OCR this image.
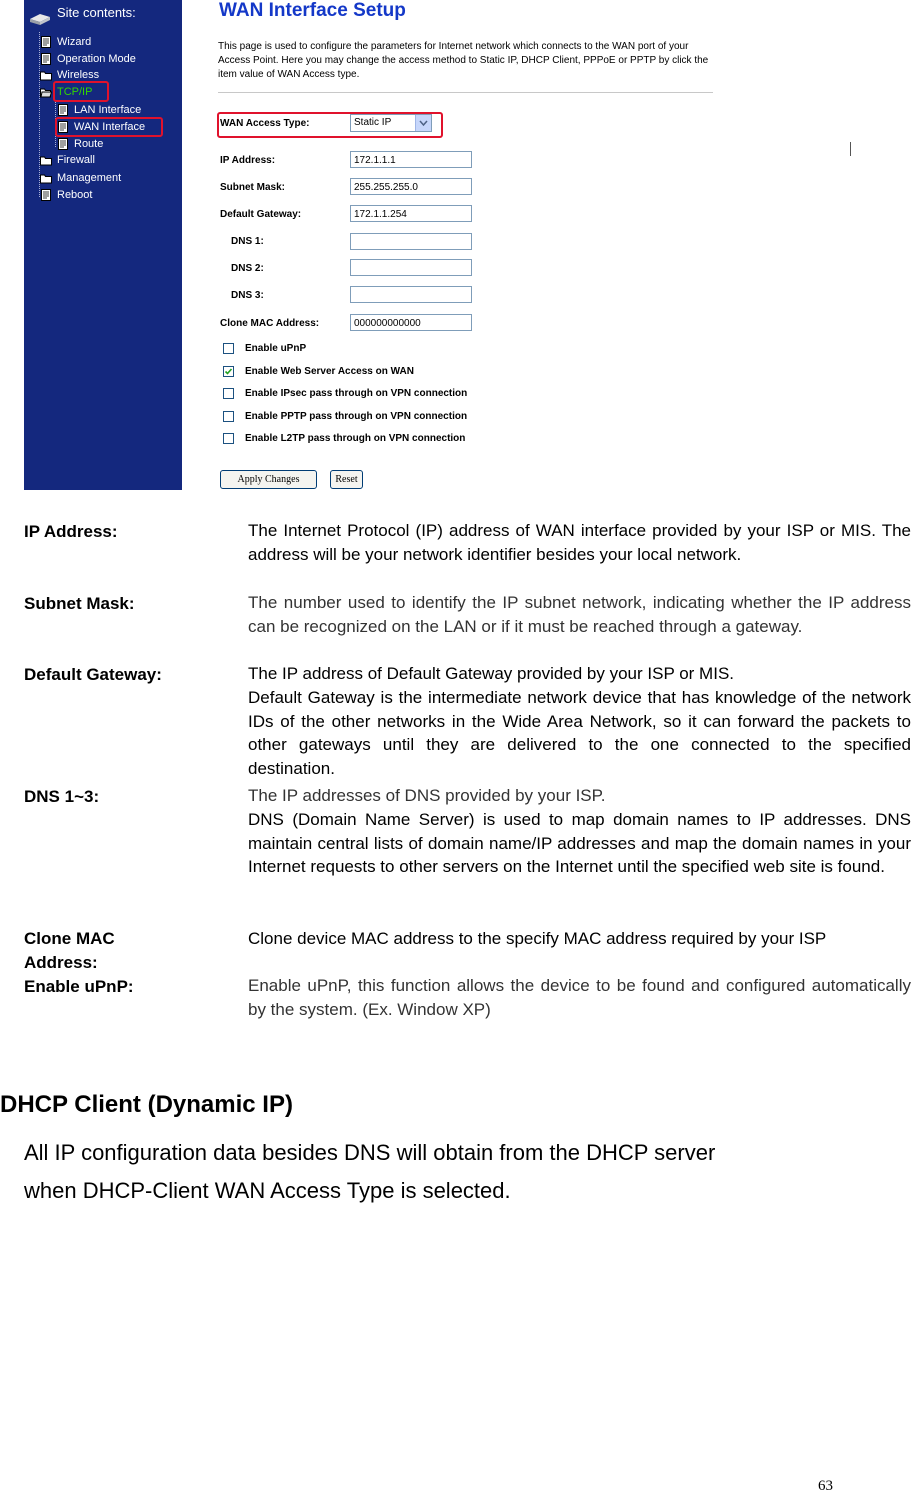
Site contents:
Wizard
Operation Mode
Wireless
TCP/IP
LAN Interface
WAN Interface
Route
Firewall
Management
Reboot
WAN Interface Setup
This page is used to configure the parameters for Internet network which connects to the WAN port of your Access Point. Here you may change the access method to Static IP, DHCP Client, PPPoE or PPTP by click the item value of WAN Access type.
WAN Access Type:	Static IP
IP Address:	172.1.1.1
Subnet Mask:	255.255.255.0
Default Gateway:	172.1.1.254
DNS 1:
DNS 2:
DNS 3:
Clone MAC Address:	000000000000
Enable uPnP
Enable Web Server Access on WAN
Enable IPsec pass through on VPN connection
Enable PPTP pass through on VPN connection
Enable L2TP pass through on VPN connection
Apply Changes	Reset
IP Address:	The Internet Protocol (IP) address of WAN interface provided by your ISP or MIS. The address will be your network identifier besides your local network.
Subnet Mask:	The number used to identify the IP subnet network, indicating whether the IP address can be recognized on the LAN or if it must be reached through a gateway.
Default Gateway:	The IP address of Default Gateway provided by your ISP or MIS.
Default Gateway is the intermediate network device that has knowledge of the network IDs of the other networks in the Wide Area Network, so it can forward the packets to other gateways until they are delivered to the one connected to the specified destination.
DNS 1~3:	The IP addresses of DNS provided by your ISP.
DNS (Domain Name Server) is used to map domain names to IP addresses. DNS maintain central lists of domain name/IP addresses and map the domain names in your Internet requests to other servers on the Internet until the specified web site is found.
Clone MAC
Address:
Clone device MAC address to the specify MAC address required by your ISP
Enable uPnP:	Enable uPnP, this function allows the device to be found and configured automatically by the system. (Ex. Window XP)
DHCP Client (Dynamic IP)
All IP configuration data besides DNS will obtain from the DHCP server
when DHCP-Client WAN Access Type is selected.
63
